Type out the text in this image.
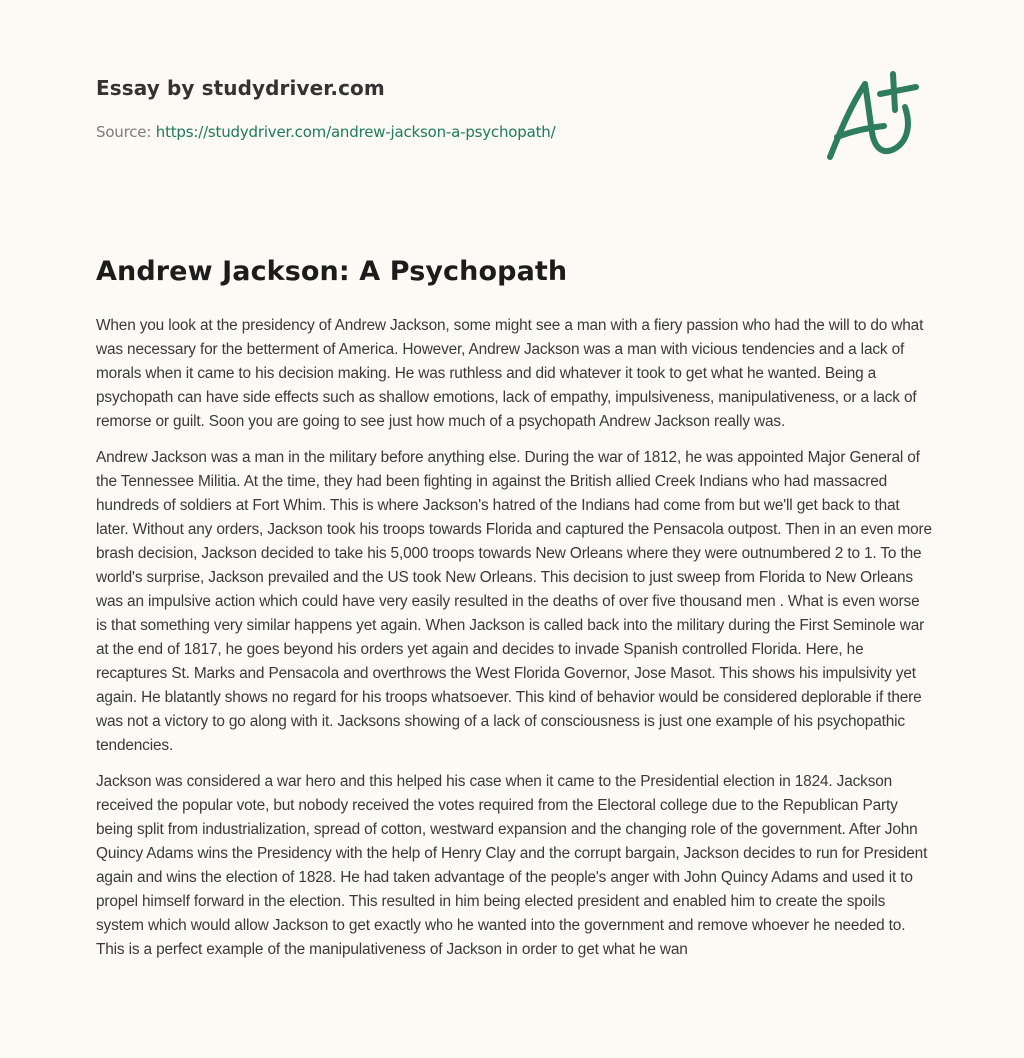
Essay by studydriver.com
Source: https://studydriver.com/andrew-jackson-a-psychopath/
Andrew Jackson: A Psychopath

When you look at the presidency of Andrew Jackson, some might see a man with a fiery passion who had the will to do what was necessary for the betterment of America. However, Andrew Jackson was a man with vicious tendencies and a lack of morals when it came to his decision making. He was ruthless and did whatever it took to get what he wanted. Being a psychopath can have side effects such as shallow emotions, lack of empathy, impulsiveness, manipulativeness, or a lack of remorse or guilt. Soon you are going to see just how much of a psychopath Andrew Jackson really was.

Andrew Jackson was a man in the military before anything else. During the war of 1812, he was appointed Major General of the Tennessee Militia. At the time, they had been fighting in against the British allied Creek Indians who had massacred hundreds of soldiers at Fort Whim. This is where Jackson's hatred of the Indians had come from but we'll get back to that later. Without any orders, Jackson took his troops towards Florida and captured the Pensacola outpost. Then in an even more brash decision, Jackson decided to take his 5,000 troops towards New Orleans where they were outnumbered 2 to 1. To the world's surprise, Jackson prevailed and the US took New Orleans. This decision to just sweep from Florida to New Orleans was an impulsive action which could have very easily resulted in the deaths of over five thousand men . What is even worse is that something very similar happens yet again. When Jackson is called back into the military during the First Seminole war at the end of 1817, he goes beyond his orders yet again and decides to invade Spanish controlled Florida. Here, he recaptures St. Marks and Pensacola and overthrows the West Florida Governor, Jose Masot. This shows his impulsivity yet again. He blatantly shows no regard for his troops whatsoever. This kind of behavior would be considered deplorable if there was not a victory to go along with it. Jacksons showing of a lack of consciousness is just one example of his psychopathic tendencies.

Jackson was considered a war hero and this helped his case when it came to the Presidential election in 1824. Jackson received the popular vote, but nobody received the votes required from the Electoral college due to the Republican Party being split from industrialization, spread of cotton, westward expansion and the changing role of the government. After John Quincy Adams wins the Presidency with the help of Henry Clay and the corrupt bargain, Jackson decides to run for President again and wins the election of 1828. He had taken advantage of the people's anger with John Quincy Adams and used it to propel himself forward in the election. This resulted in him being elected president and enabled him to create the spoils system which would allow Jackson to get exactly who he wanted into the government and remove whoever he needed to. This is a perfect example of the manipulativeness of Jackson in order to get what he wan
